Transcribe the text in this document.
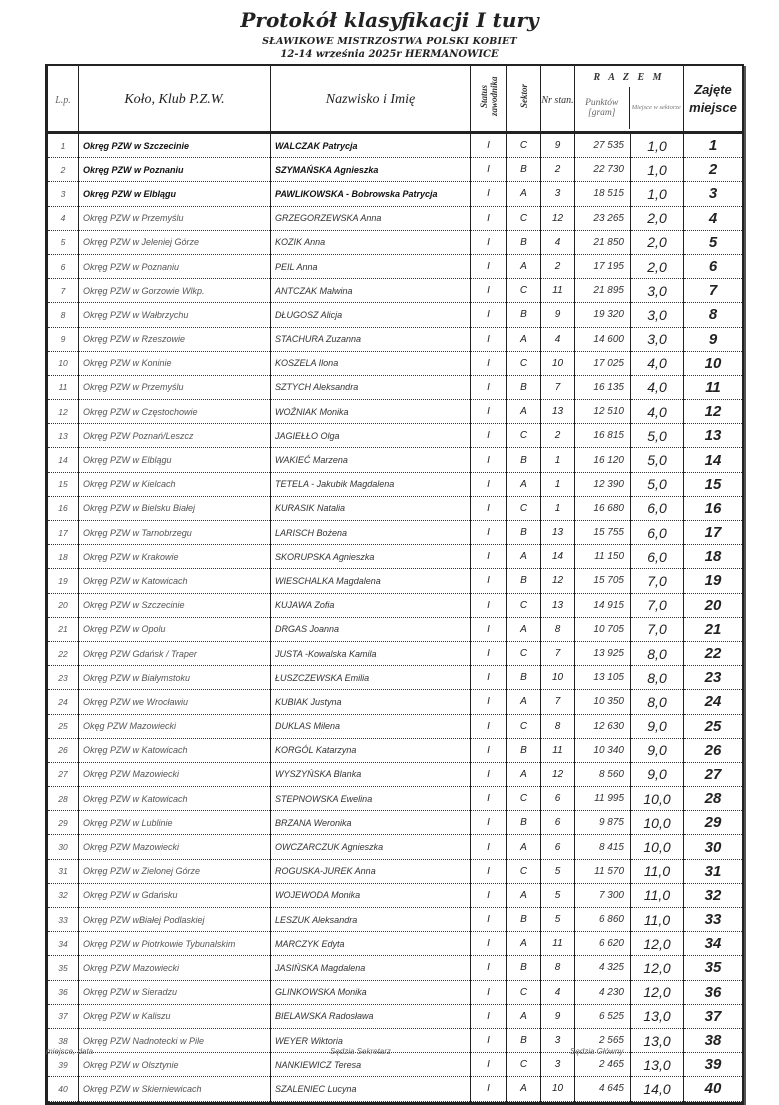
Protokół klasyfikacji I tury
SŁAWIKOWE MISTRZOSTWA POLSKI KOBIET
12-14 września 2025r HERMANOWICE
L.p.	Koło, Klub P.Z.W.	Nazwisko i Imię	Status zawodnika	Sektor	Nr stan.	R A Z E M
Punktów [gram] Miejsce w sektorze		Zajęte miejsce
1	Okręg PZW w Szczecinie	WALCZAK Patrycja	I	C	9	27 535	1,0	1
2	Okręg PZW w Poznaniu	SZYMAŃSKA Agnieszka	I	B	2	22 730	1,0	2
3	Okręg PZW w Elblągu	PAWLIKOWSKA - Bobrowska Patrycja	I	A	3	18 515	1,0	3
4	Okręg PZW w Przemyślu	GRZEGORZEWSKA Anna	I	C	12	23 265	2,0	4
5	Okręg PZW w Jeleniej Górze	KOZIK Anna	I	B	4	21 850	2,0	5
6	Okręg PZW w Poznaniu	PEIL Anna	I	A	2	17 195	2,0	6
7	Okręg PZW w Gorzowie Wlkp.	ANTCZAK Malwina	I	C	11	21 895	3,0	7
8	Okręg PZW w Wałbrzychu	DŁUGOSZ Alicja	I	B	9	19 320	3,0	8
9	Okręg PZW w Rzeszowie	STACHURA Zuzanna	I	A	4	14 600	3,0	9
10	Okręg PZW w Koninie	KOSZELA Ilona	I	C	10	17 025	4,0	10
11	Okręg PZW w Przemyślu	SZTYCH Aleksandra	I	B	7	16 135	4,0	11
12	Okręg PZW w Częstochowie	WOŹNIAK Monika	I	A	13	12 510	4,0	12
13	Okręg PZW Poznań/Leszcz	JAGIEŁŁO Olga	I	C	2	16 815	5,0	13
14	Okręg PZW w Elblągu	WAKIEĆ Marzena	I	B	1	16 120	5,0	14
15	Okręg PZW w Kielcach	TETELA - Jakubik Magdalena	I	A	1	12 390	5,0	15
16	Okręg PZW w Bielsku Białej	KURASIK Natalia	I	C	1	16 680	6,0	16
17	Okręg PZW w Tarnobrzegu	LARISCH Bożena	I	B	13	15 755	6,0	17
18	Okręg PZW w Krakowie	SKORUPSKA Agnieszka	I	A	14	11 150	6,0	18
19	Okręg PZW w Katowicach	WIESCHALKA Magdalena	I	B	12	15 705	7,0	19
20	Okręg PZW w Szczecinie	KUJAWA Zofia	I	C	13	14 915	7,0	20
21	Okręg PZW w Opolu	DRGAS Joanna	I	A	8	10 705	7,0	21
22	Okręg PZW Gdańsk / Traper	JUSTA -Kowalska Kamila	I	C	7	13 925	8,0	22
23	Okręg PZW w Białymstoku	ŁUSZCZEWSKA Emilia	I	B	10	13 105	8,0	23
24	Okręg PZW we Wrocławiu	KUBIAK Justyna	I	A	7	10 350	8,0	24
25	Okęg PZW Mazowiecki	DUKLAS Milena	I	C	8	12 630	9,0	25
26	Okręg PZW w Katowicach	KORGÓL Katarzyna	I	B	11	10 340	9,0	26
27	Okręg PZW Mazowiecki	WYSZYŃSKA Blanka	I	A	12	8 560	9,0	27
28	Okręg PZW w Katowicach	STEPNOWSKA Ewelina	I	C	6	11 995	10,0	28
29	Okręg PZW w Lublinie	BRZANA Weronika	I	B	6	9 875	10,0	29
30	Okręg PZW Mazowiecki	OWCZARCZUK Agnieszka	I	A	6	8 415	10,0	30
31	Okręg PZW w Zielonej Górze	ROGUSKA-JUREK Anna	I	C	5	11 570	11,0	31
32	Okręg PZW w Gdańsku	WOJEWODA Monika	I	A	5	7 300	11,0	32
33	Okręg PZW wBiałej Podlaskiej	LESZUK Aleksandra	I	B	5	6 860	11,0	33
34	Okręg PZW w Piotrkowie Tybunalskim	MARCZYK Edyta	I	A	11	6 620	12,0	34
35	Okręg PZW Mazowiecki	JASIŃSKA Magdalena	I	B	8	4 325	12,0	35
36	Okręg PZW w Sieradzu	GLINKOWSKA Monika	I	C	4	4 230	12,0	36
37	Okręg PZW w Kaliszu	BIELAWSKA Radosława	I	A	9	6 525	13,0	37
38	Okręg PZW Nadnotecki w Pile	WEYER Wiktoria	I	B	3	2 565	13,0	38
39	Okręg PZW w Olsztynie	NANKIEWICZ Teresa	I	C	3	2 465	13,0	39
40	Okręg PZW w Skierniewicach	SZALENIEC Lucyna	I	A	10	4 645	14,0	40
miejsce, data	Sędzia Sekretarz	Sędzia Główny
